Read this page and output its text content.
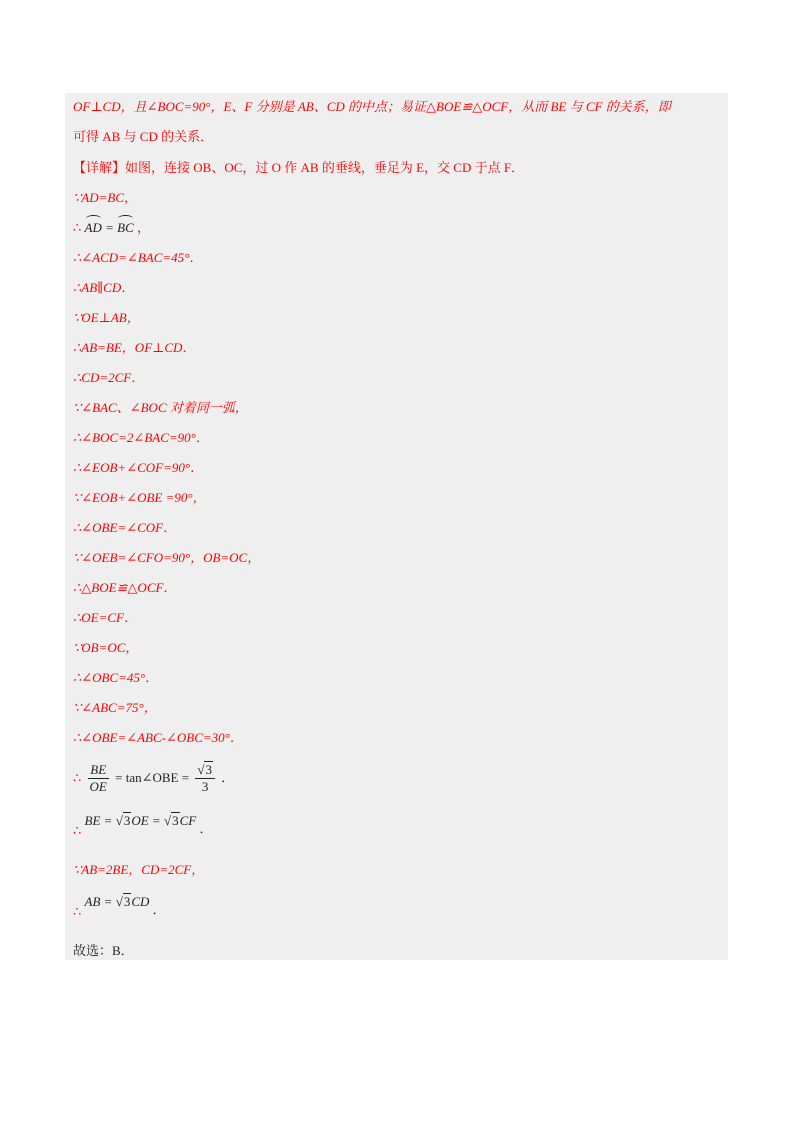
OF⊥CD，且∠BOC=90°，E、F 分别是 AB、CD 的中点；易证△BOE≌△OCF，从而 BE 与 CF 的关系，即
可得 AB 与 CD 的关系．
【详解】如图，连接 OB、OC，过 O 作 AB 的垂线，垂足为 E，交 CD 于点 F．
∵AD=BC，
∴ AD = BC ，
∴∠ACD=∠BAC=45°．
∴AB∥CD．
∵OE⊥AB，
∴AB=BE，OF⊥CD．
∴CD=2CF．
∵∠BAC、∠BOC 对着同一弧，
∴∠BOC=2∠BAC=90°．
∴∠EOB+∠COF=90°．
∵∠EOB+∠OBE =90°，
∴∠OBE=∠COF．
∵∠OEB=∠CFO=90°，OB=OC，
∴△BOE≌△OCF．
∴OE=CF．
∵OB=OC，
∴∠OBC=45°．
∵∠ABC=75°，
∴∠OBE=∠ABC-∠OBC=30°．
∴ $\frac{BE}{OE}$ = tan∠OBE = $\frac{√3}{3}$ ．
∴ BE = √3OE = √3CF ．
∵AB=2BE，CD=2CF，
∴ AB = √3CD ．
故选：B．
